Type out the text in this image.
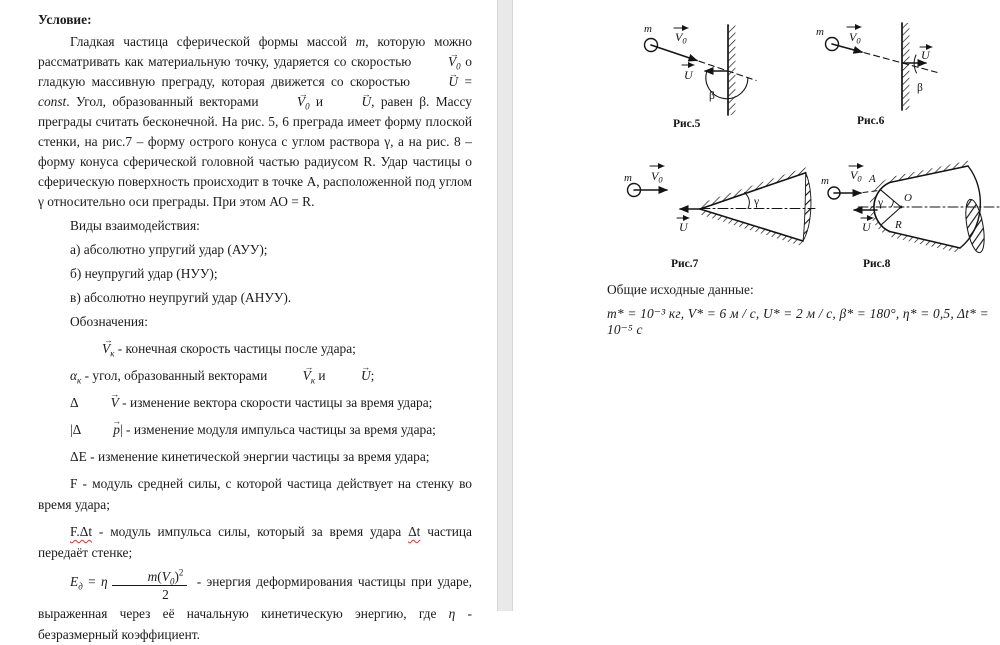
Условие:

Гладкая частица сферической формы массой m, которую можно рассматривать как материальную точку, ударяется со скоростью → $V_0$ о гладкую массивную преграду, которая движется со скоростью → U = const. Угол, образованный векторами → $V_0$ и → U, равен β. Массу преграды считать бесконечной. На рис. 5, 6 преграда имеет форму плоской стенки, на рис.7 – форму острого конуса с углом раствора γ, а на рис. 8 – форму конуса сферической головной частью радиусом R. Удар частицы о сферическую поверхность происходит в точке А, расположенной под углом γ относительно оси преграды. При этом АО = R.

Виды взаимодействия:

а) абсолютно упругий удар (АУУ);

б) неупругий удар (НУУ);

в) абсолютно неупругий удар (АНУУ).

Обозначения:

→ $V_к$ - конечная скорость частицы после удара;

$\alpha_к$ - угол, образованный векторами → $V_к$ и → U;

Δ → V - изменение вектора скорости частицы за время удара;

|Δ → p| - изменение модуля импульса частицы за время удара;

ΔE - изменение кинетической энергии частицы за время удара;

F - модуль средней силы, с которой частица действует на стенку во время удара;

F.Δt - модуль импульса силы, который за время удара Δt частица передаёт стенке;

$E_д = \eta \frac{m(V_0)^2}{2}$ - энергия деформирования частицы при ударе, выраженная через её начальную кинетическую энергию, где η - безразмерный коэффициент.

m
$V_0$
U
β
Рис.5
m $V_0$
U
β
Рис.6
m $V_0$
U
γ
Рис.7
m $V_0$ A
O
R
γ
U
Рис.8
Общие исходные данные:
m* = 10⁻³ кг, V* = 6 м / с, U* = 2 м / с, β* = 180°, η* = 0,5, Δt* = 10⁻⁵ с
